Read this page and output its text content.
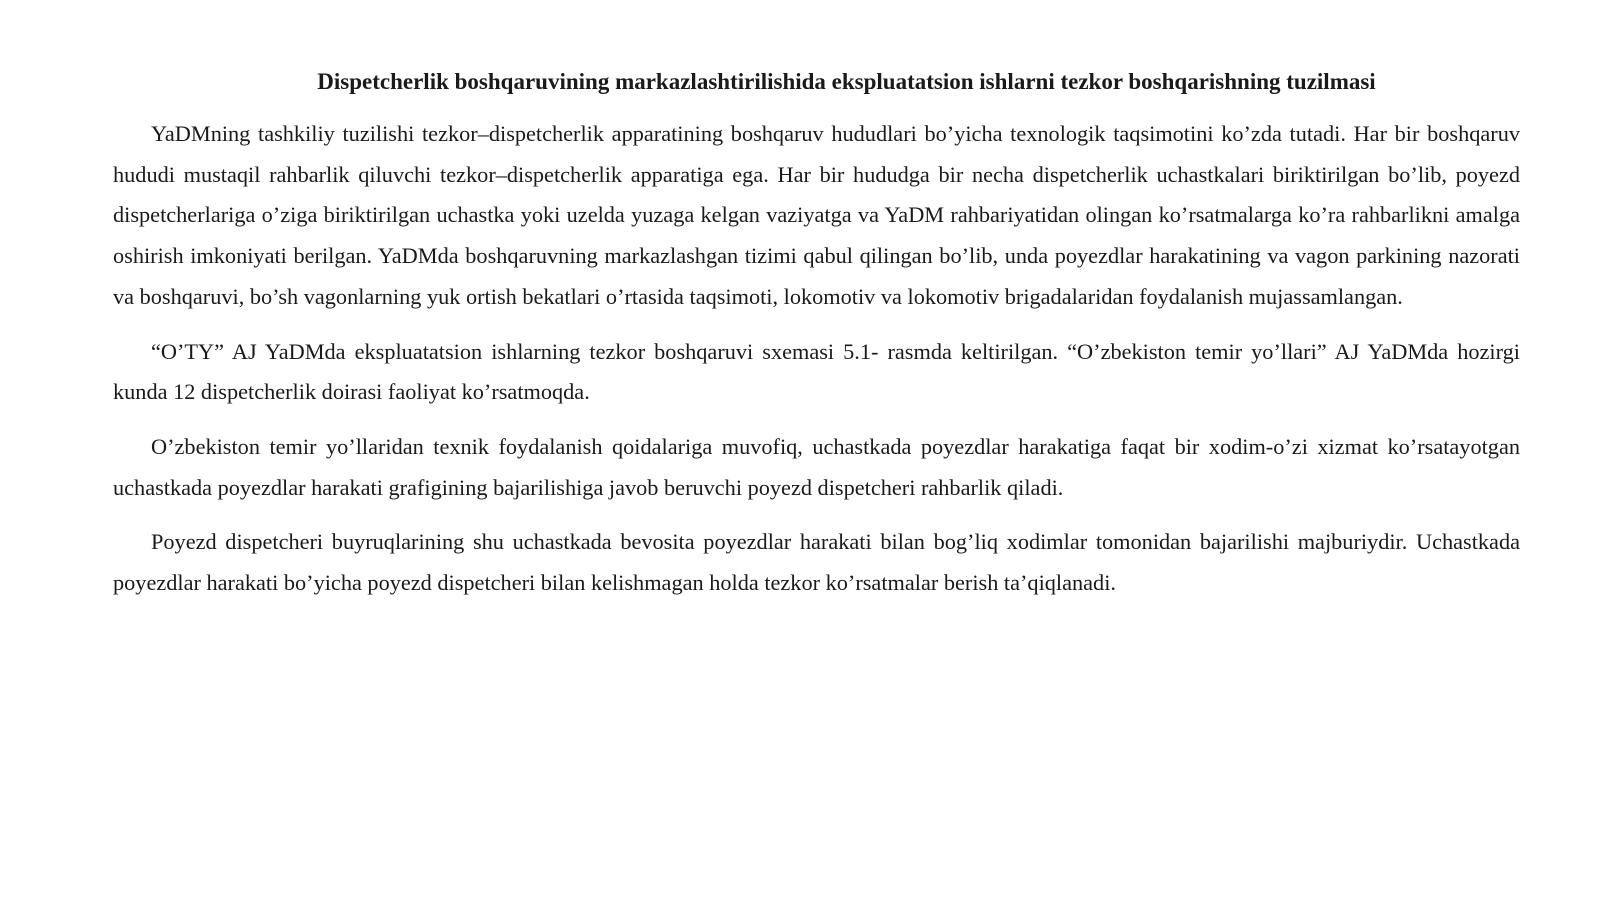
Dispetcherlik boshqaruvining markazlashtirilishida ekspluatatsion ishlarni tezkor boshqarishning tuzilmasi

YaDMning tashkiliy tuzilishi tezkor–dispetcherlik apparatining boshqaruv hududlari bo’yicha texnologik taqsimotini ko’zda tutadi. Har bir boshqaruv hududi mustaqil rahbarlik qiluvchi tezkor–dispetcherlik apparatiga ega. Har bir hududga bir necha dispetcherlik uchastkalari biriktirilgan bo’lib, poyezd dispetcherlariga o’ziga biriktirilgan uchastka yoki uzelda yuzaga kelgan vaziyatga va YaDM rahbariyatidan olingan ko’rsatmalarga ko’ra rahbarlikni amalga oshirish imkoniyati berilgan. YaDMda boshqaruvning markazlashgan tizimi qabul qilingan bo’lib, unda poyezdlar harakatining va vagon parkining nazorati va boshqaruvi, bo’sh vagonlarning yuk ortish bekatlari o’rtasida taqsimoti, lokomotiv va lokomotiv brigadalaridan foydalanish mujassamlangan.

“O’TY” AJ YaDMda ekspluatatsion ishlarning tezkor boshqaruvi sxemasi 5.1- rasmda keltirilgan. “O’zbekiston temir yo’llari” AJ YaDMda hozirgi kunda 12 dispetcherlik doirasi faoliyat ko’rsatmoqda.

O’zbekiston temir yo’llaridan texnik foydalanish qoidalariga muvofiq, uchastkada poyezdlar harakatiga faqat bir xodim-o’zi xizmat ko’rsatayotgan uchastkada poyezdlar harakati grafigining bajarilishiga javob beruvchi poyezd dispetcheri rahbarlik qiladi.

Poyezd dispetcheri buyruqlarining shu uchastkada bevosita poyezdlar harakati bilan bog’liq xodimlar tomonidan bajarilishi majburiydir. Uchastkada poyezdlar harakati bo’yicha poyezd dispetcheri bilan kelishmagan holda tezkor ko’rsatmalar berish ta’qiqlanadi.
